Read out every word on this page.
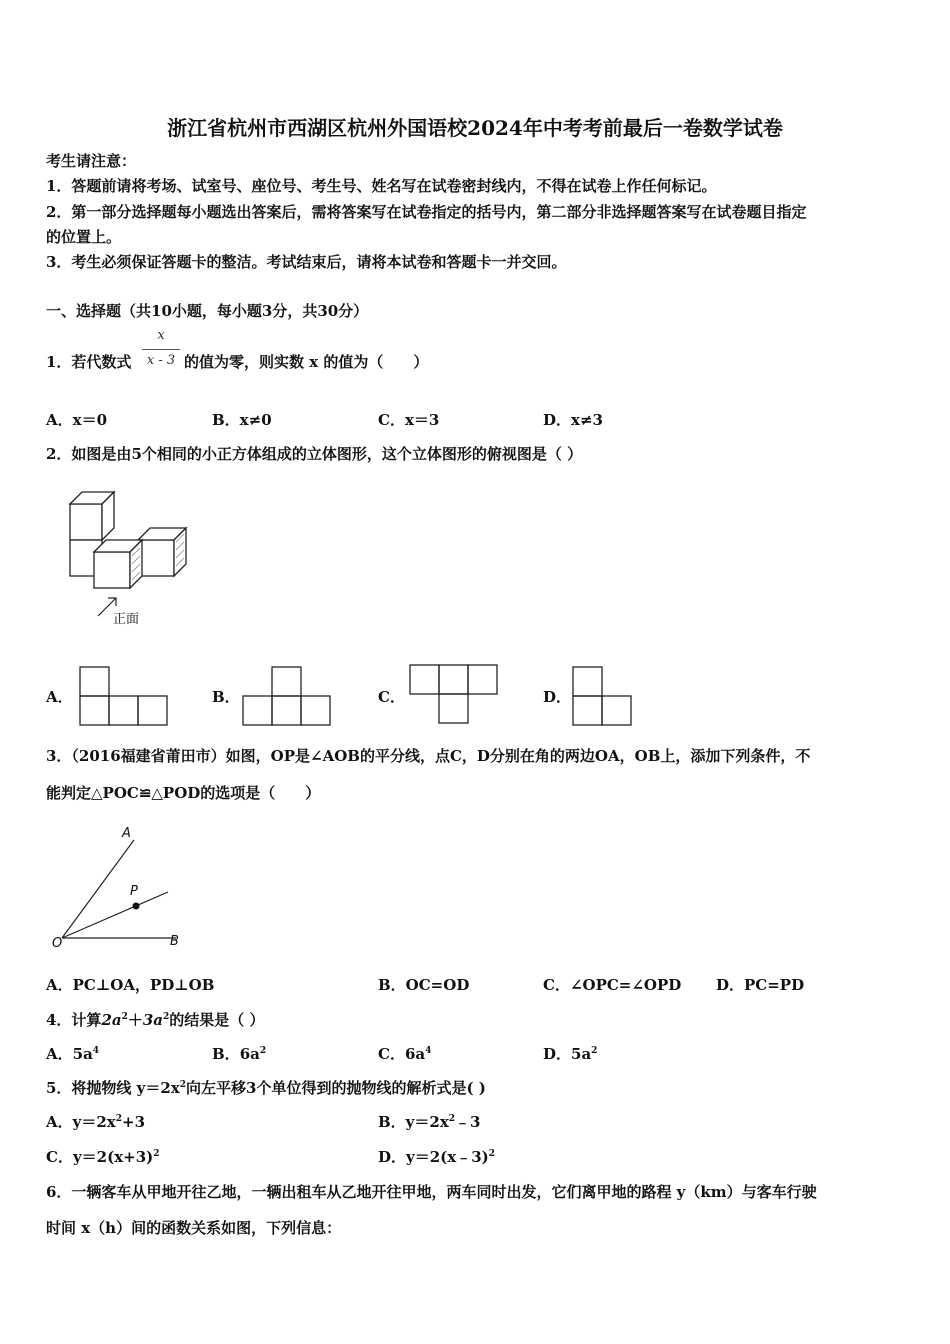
浙江省杭州市西湖区杭州外国语校2024年中考考前最后一卷数学试卷
考生请注意：
1．答题前请将考场、试室号、座位号、考生号、姓名写在试卷密封线内，不得在试卷上作任何标记。
2．第一部分选择题每小题选出答案后，需将答案写在试卷指定的括号内，第二部分非选择题答案写在试卷题目指定
的位置上。
3．考生必须保证答题卡的整洁。考试结束后，请将本试卷和答题卡一并交回。
一、选择题（共10小题，每小题3分，共30分）
1．若代数式
x
x - 3 的值为零，则实数 x 的值为（　　）
A．x＝0	B．x≠0	C．x＝3	D．x≠3
2．如图是由5个相同的小正方体组成的立体图形，这个立体图形的俯视图是（ ）
正面
A．	B．	C．	D．
3．（2016福建省莆田市）如图，OP是∠AOB的平分线，点C，D分别在角的两边OA，OB上，添加下列条件，不
能判定△POC≌△POD的选项是（　　）
A
P
O	B
A．PC⊥OA，PD⊥OB	B．OC=OD	C．∠OPC=∠OPD D．PC=PD
4．计算$2a^2+3a^2$的结果是（ ）
A．$5a^4$	B．$6a^2$	C．$6a^4$	D．$5a^2$
5．将抛物线 $y=2x^2$向左平移3个单位得到的抛物线的解析式是( )
A．$y=2x^2+3$	B．$y=2x^2﹣3$
C．$y=2(x+3)^2$	D．y＝2(x﹣3)$^2$
6．一辆客车从甲地开往乙地，一辆出租车从乙地开往甲地，两车同时出发，它们离甲地的路程 y（km）与客车行驶
时间 x（h）间的函数关系如图，下列信息：
